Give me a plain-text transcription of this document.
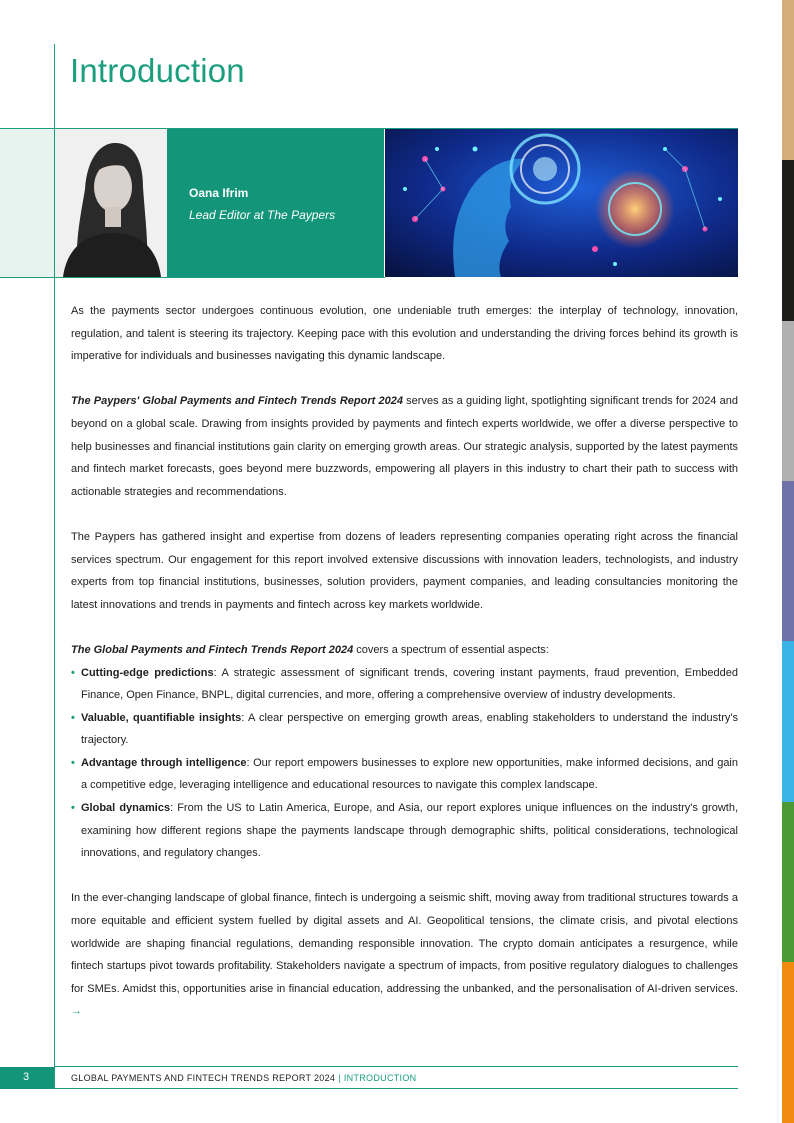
Introduction
Oana Ifrim
Lead Editor at The Paypers

As the payments sector undergoes continuous evolution, one undeniable truth emerges: the interplay of technology, innovation, regulation, and talent is steering its trajectory. Keeping pace with this evolution and understanding the driving forces behind its growth is imperative for individuals and businesses navigating this dynamic landscape.

The Paypers' Global Payments and Fintech Trends Report 2024 serves as a guiding light, spotlighting significant trends for 2024 and beyond on a global scale. Drawing from insights provided by payments and fintech experts worldwide, we offer a diverse perspective to help businesses and financial institutions gain clarity on emerging growth areas. Our strategic analysis, supported by the latest payments and fintech market forecasts, goes beyond mere buzzwords, empowering all players in this industry to chart their path to success with actionable strategies and recommendations.

The Paypers has gathered insight and expertise from dozens of leaders representing companies operating right across the financial services spectrum. Our engagement for this report involved extensive discussions with innovation leaders, technologists, and industry experts from top financial institutions, businesses, solution providers, payment companies, and leading consultancies monitoring the latest innovations and trends in payments and fintech across key markets worldwide.

The Global Payments and Fintech Trends Report 2024 covers a spectrum of essential aspects:

• Cutting-edge predictions: A strategic assessment of significant trends, covering instant payments, fraud prevention, Embedded Finance, Open Finance, BNPL, digital currencies, and more, offering a comprehensive overview of industry developments.
• Valuable, quantifiable insights: A clear perspective on emerging growth areas, enabling stakeholders to understand the industry's trajectory.
• Advantage through intelligence: Our report empowers businesses to explore new opportunities, make informed decisions, and gain a competitive edge, leveraging intelligence and educational resources to navigate this complex landscape.
• Global dynamics: From the US to Latin America, Europe, and Asia, our report explores unique influences on the industry's growth, examining how different regions shape the payments landscape through demographic shifts, political considerations, technological innovations, and regulatory changes.

In the ever-changing landscape of global finance, fintech is undergoing a seismic shift, moving away from traditional structures towards a more equitable and efficient system fuelled by digital assets and AI. Geopolitical tensions, the climate crisis, and pivotal elections worldwide are shaping financial regulations, demanding responsible innovation. The crypto domain anticipates a resurgence, while fintech startups pivot towards profitability. Stakeholders navigate a spectrum of impacts, from positive regulatory dialogues to challenges for SMEs. Amidst this, opportunities arise in financial education, addressing the unbanked, and the personalisation of AI-driven services. →

3	GLOBAL PAYMENTS AND FINTECH TRENDS REPORT 2024 | INTRODUCTION
